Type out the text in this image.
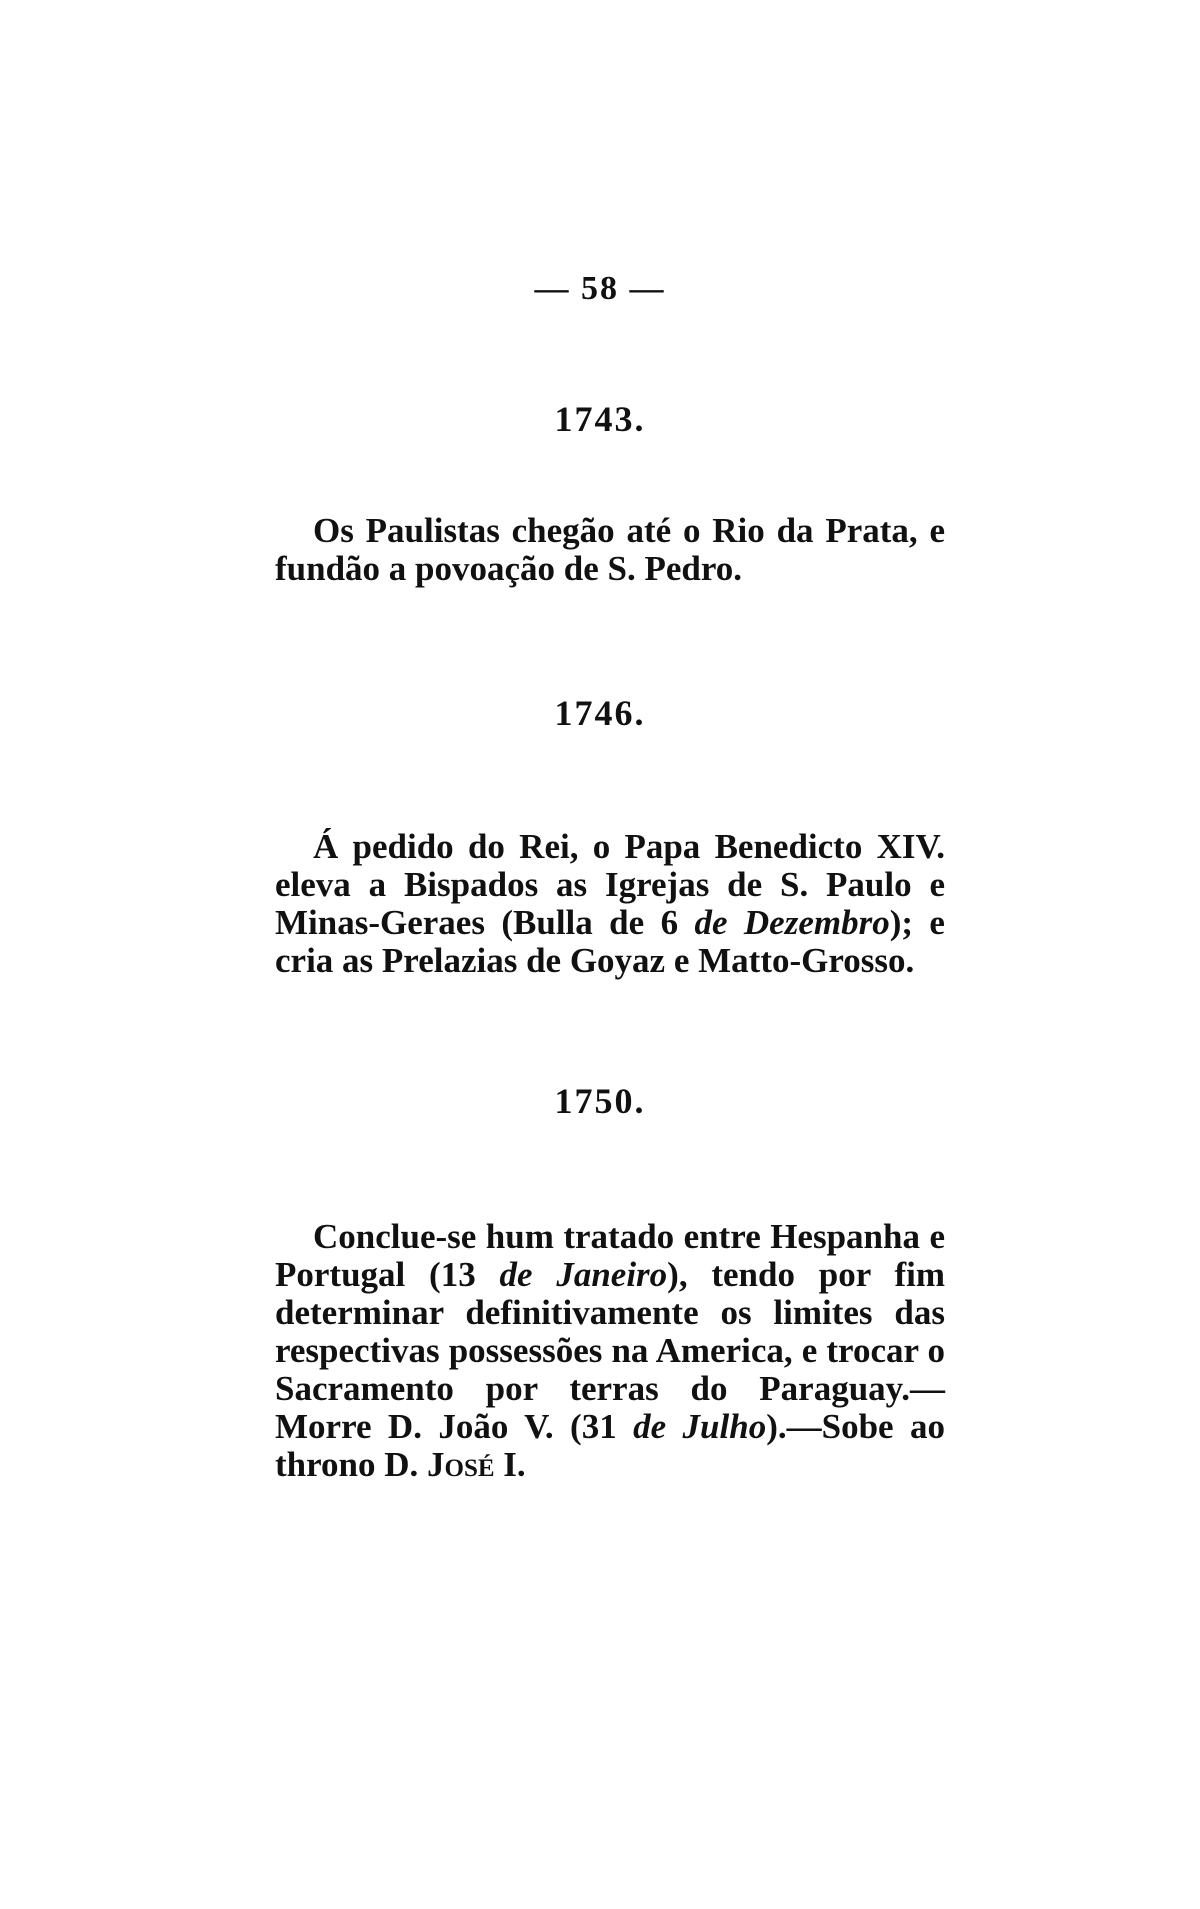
— 58 —
1743.
Os Paulistas chegão até o Rio da Prata, e fundão a povoação de S. Pedro.
1746.
Á pedido do Rei, o Papa Benedicto XIV. eleva a Bispados as Igrejas de S. Paulo e Minas-Geraes (Bulla de 6 de Dezembro); e cria as Prelazias de Goyaz e Matto-Grosso.
1750.
Conclue-se hum tratado entre Hespanha e Portugal (13 de Janeiro), tendo por fim determinar definitivamente os limites das respectivas possessões na America, e trocar o Sacramento por terras do Paraguay.—Morre D. João V. (31 de Julho).—Sobe ao throno D. José I.
